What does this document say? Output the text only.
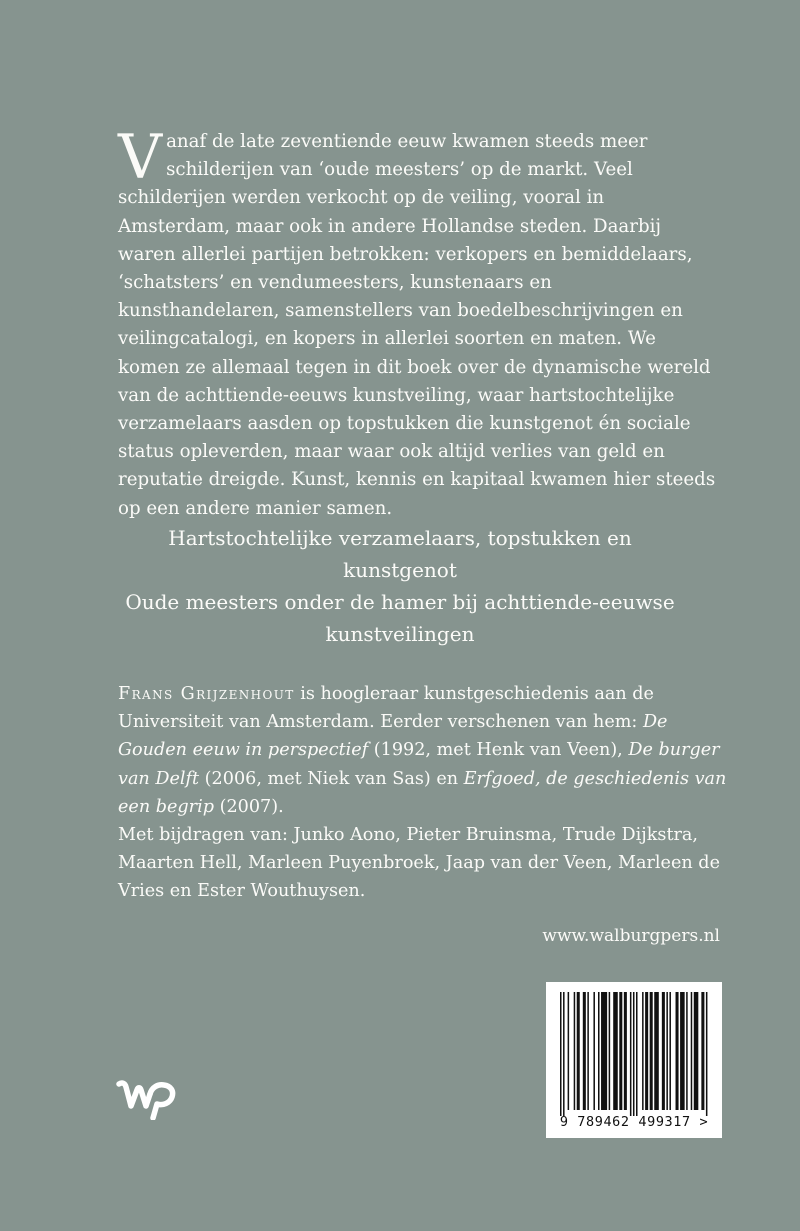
Vanaf de late zeventiende eeuw kwamen steeds meer schilderijen van ‘oude meesters’ op de markt. Veel schilderijen werden verkocht op de veiling, vooral in Amsterdam, maar ook in andere Hollandse steden. Daarbij waren allerlei partijen betrokken: verkopers en bemiddelaars, ‘schatsters’ en vendumeesters, kunstenaars en kunsthandelaren, samenstellers van boedelbeschrijvingen en veilingcatalogi, en kopers in allerlei soorten en maten. We komen ze allemaal tegen in dit boek over de dynamische wereld van de achttiende-eeuws kunstveiling, waar hartstochtelijke verzamelaars aasden op topstukken die kunstgenot én sociale status opleverden, maar waar ook altijd verlies van geld en reputatie dreigde. Kunst, kennis en kapitaal kwamen hier steeds op een andere manier samen.

Hartstochtelijke verzamelaars, topstukken en kunstgenot
Oude meesters onder de hamer bij achttiende-eeuwse kunstveilingen

Frans Grijzenhout is hoogleraar kunstgeschiedenis aan de Universiteit van Amsterdam. Eerder verschenen van hem: De Gouden eeuw in perspectief (1992, met Henk van Veen), De burger van Delft (2006, met Niek van Sas) en Erfgoed, de geschiedenis van een begrip (2007).

Met bijdragen van: Junko Aono, Pieter Bruinsma, Trude Dijkstra, Maarten Hell, Marleen Puyenbroek, Jaap van der Veen, Marleen de Vries en Ester Wouthuysen.

www.walburgpers.nl
9 789462 499317 >
